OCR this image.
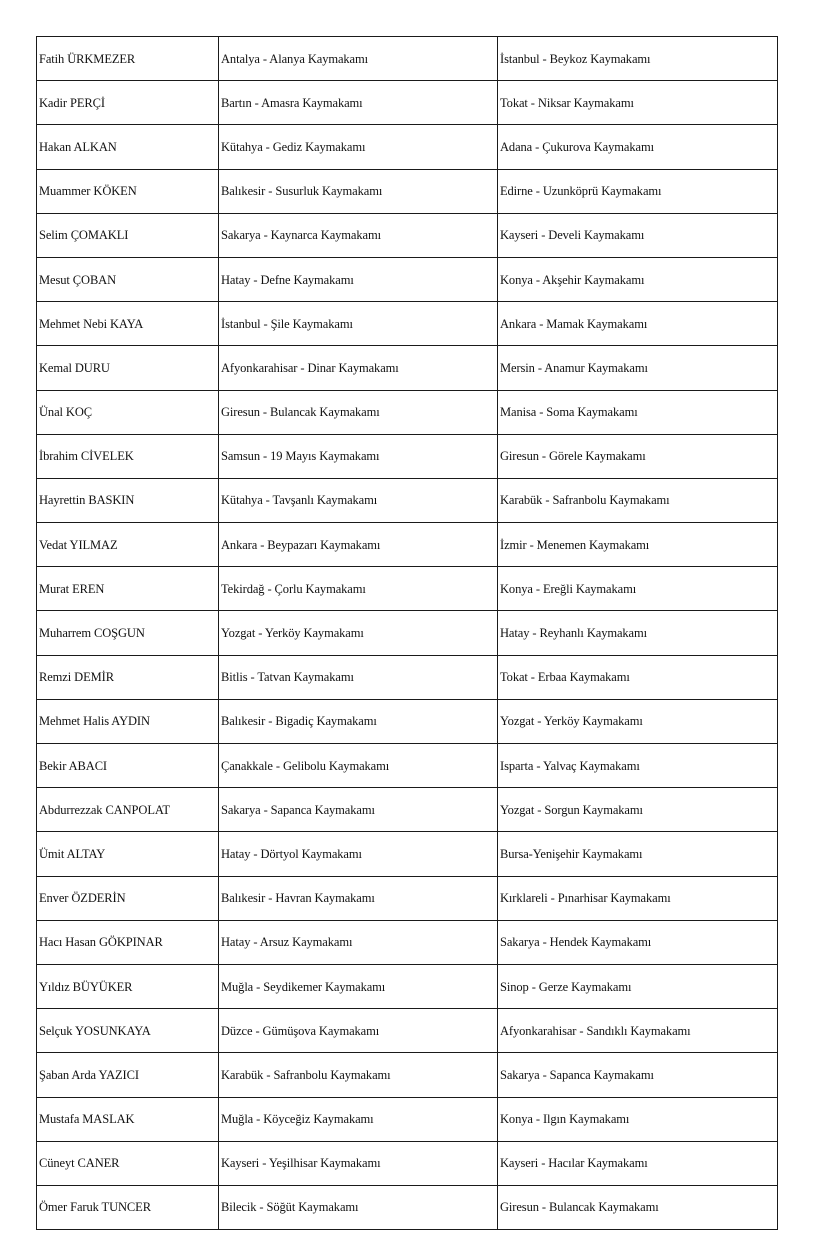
Fatih ÜRKMEZER	Antalya - Alanya Kaymakamı	İstanbul - Beykoz Kaymakamı
Kadir PERÇİ	Bartın - Amasra Kaymakamı	Tokat - Niksar Kaymakamı
Hakan ALKAN	Kütahya - Gediz Kaymakamı	Adana - Çukurova Kaymakamı
Muammer KÖKEN	Balıkesir - Susurluk Kaymakamı	Edirne - Uzunköprü Kaymakamı
Selim ÇOMAKLI	Sakarya - Kaynarca Kaymakamı	Kayseri - Develi Kaymakamı
Mesut ÇOBAN	Hatay - Defne Kaymakamı	Konya - Akşehir Kaymakamı
Mehmet Nebi KAYA	İstanbul - Şile Kaymakamı	Ankara - Mamak Kaymakamı
Kemal DURU	Afyonkarahisar - Dinar Kaymakamı	Mersin - Anamur Kaymakamı
Ünal KOÇ	Giresun - Bulancak Kaymakamı	Manisa - Soma Kaymakamı
İbrahim CİVELEK	Samsun - 19 Mayıs Kaymakamı	Giresun - Görele Kaymakamı
Hayrettin BASKIN	Kütahya - Tavşanlı Kaymakamı	Karabük - Safranbolu Kaymakamı
Vedat YILMAZ	Ankara - Beypazarı Kaymakamı	İzmir - Menemen Kaymakamı
Murat EREN	Tekirdağ - Çorlu Kaymakamı	Konya - Ereğli Kaymakamı
Muharrem COŞGUN	Yozgat - Yerköy Kaymakamı	Hatay - Reyhanlı Kaymakamı
Remzi DEMİR	Bitlis - Tatvan Kaymakamı	Tokat - Erbaa Kaymakamı
Mehmet Halis AYDIN	Balıkesir - Bigadiç Kaymakamı	Yozgat - Yerköy Kaymakamı
Bekir ABACI	Çanakkale - Gelibolu Kaymakamı	Isparta - Yalvaç Kaymakamı
Abdurrezzak CANPOLAT	Sakarya - Sapanca Kaymakamı	Yozgat - Sorgun Kaymakamı
Ümit ALTAY	Hatay - Dörtyol Kaymakamı	Bursa-Yenişehir Kaymakamı
Enver ÖZDERİN	Balıkesir - Havran Kaymakamı	Kırklareli - Pınarhisar Kaymakamı
Hacı Hasan GÖKPINAR	Hatay - Arsuz Kaymakamı	Sakarya - Hendek Kaymakamı
Yıldız BÜYÜKER	Muğla - Seydikemer Kaymakamı	Sinop - Gerze Kaymakamı
Selçuk YOSUNKAYA	Düzce - Gümüşova Kaymakamı	Afyonkarahisar - Sandıklı Kaymakamı
Şaban Arda YAZICI	Karabük - Safranbolu Kaymakamı	Sakarya - Sapanca Kaymakamı
Mustafa MASLAK	Muğla - Köyceğiz Kaymakamı	Konya - Ilgın Kaymakamı
Cüneyt CANER	Kayseri - Yeşilhisar Kaymakamı	Kayseri - Hacılar Kaymakamı
Ömer Faruk TUNCER	Bilecik - Söğüt Kaymakamı	Giresun - Bulancak Kaymakamı
